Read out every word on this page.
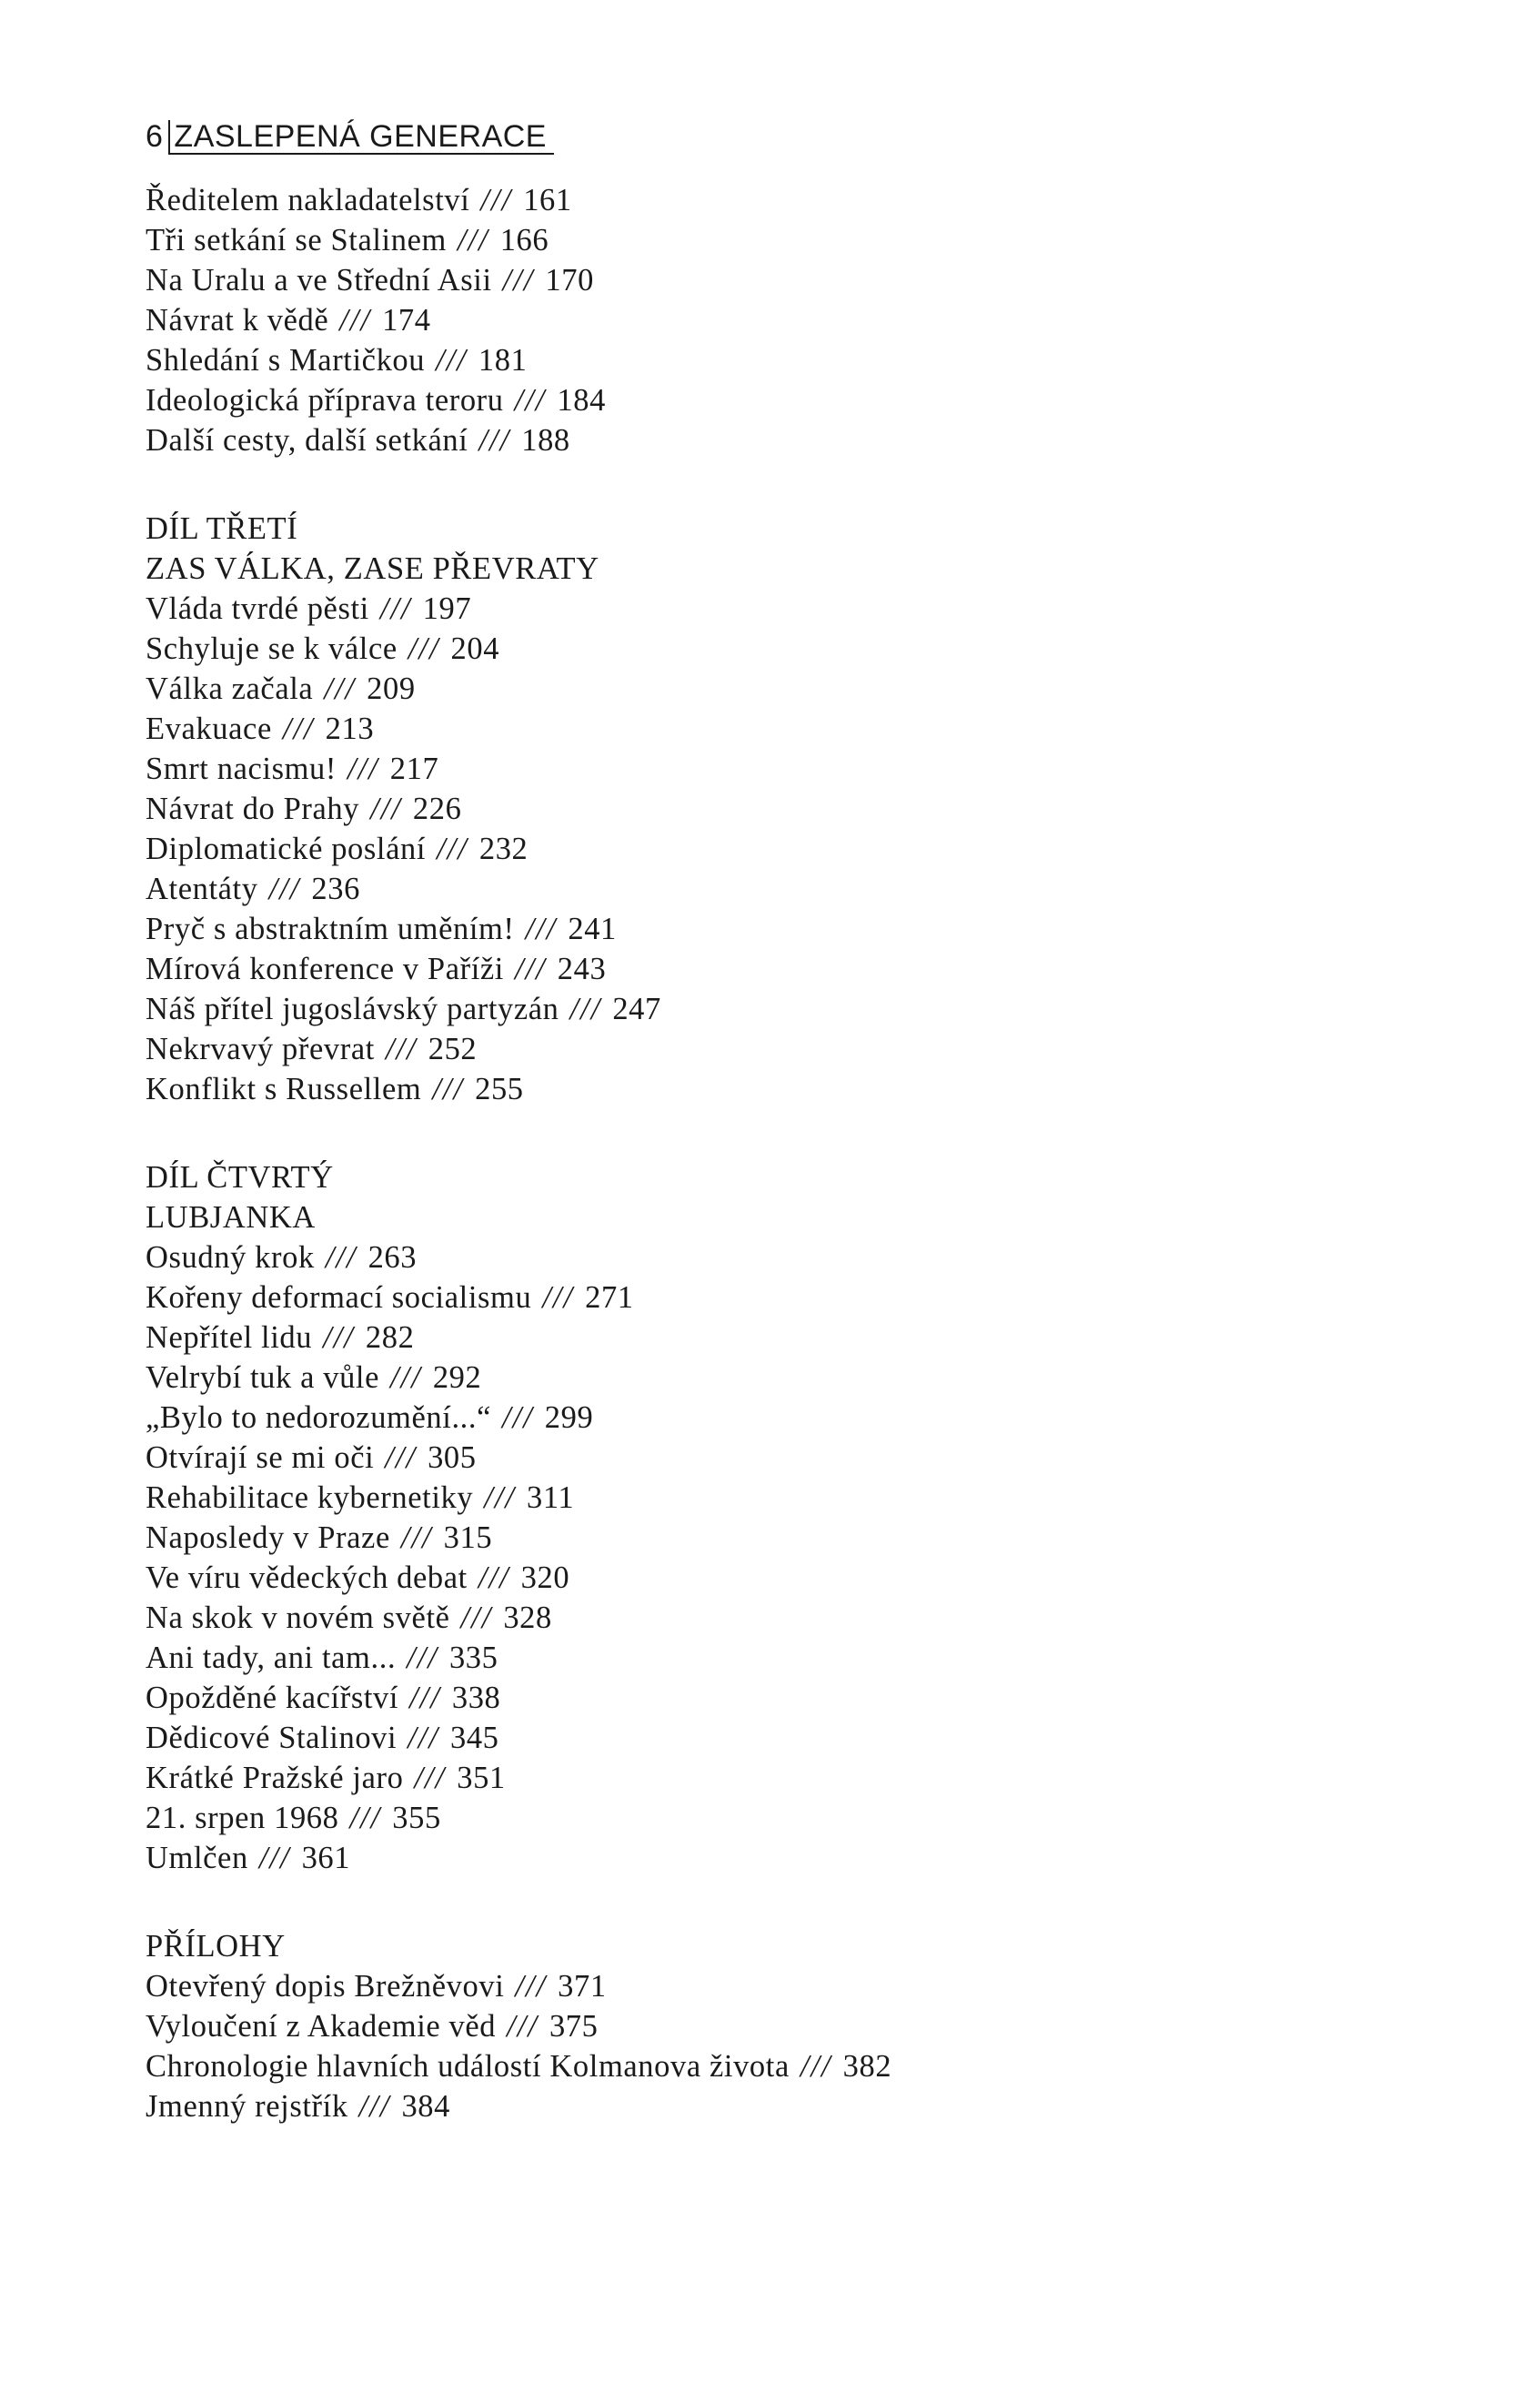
6 ZASLEPENÁ GENERACE
Ředitelem nakladatelství /// 161
Tři setkání se Stalinem /// 166
Na Uralu a ve Střední Asii /// 170
Návrat k vědě /// 174
Shledání s Martičkou /// 181
Ideologická příprava teroru /// 184
Další cesty, další setkání /// 188
DÍL TŘETÍ
ZAS VÁLKA, ZASE PŘEVRATY
Vláda tvrdé pěsti /// 197
Schyluje se k válce /// 204
Válka začala /// 209
Evakuace /// 213
Smrt nacismu! /// 217
Návrat do Prahy /// 226
Diplomatické poslání /// 232
Atentáty /// 236
Pryč s abstraktním uměním! /// 241
Mírová konference v Paříži /// 243
Náš přítel jugoslávský partyzán /// 247
Nekrvavý převrat /// 252
Konflikt s Russellem /// 255
DÍL ČTVRTÝ
LUBJANKA
Osudný krok /// 263
Kořeny deformací socialismu /// 271
Nepřítel lidu /// 282
Velrybí tuk a vůle /// 292
„Bylo to nedorozumění...“ /// 299
Otvírají se mi oči /// 305
Rehabilitace kybernetiky /// 311
Naposledy v Praze /// 315
Ve víru vědeckých debat /// 320
Na skok v novém světě /// 328
Ani tady, ani tam... /// 335
Opožděné kacířství /// 338
Dědicové Stalinovi /// 345
Krátké Pražské jaro /// 351
21. srpen 1968 /// 355
Umlčen /// 361
PŘÍLOHY
Otevřený dopis Brežněvovi /// 371
Vyloučení z Akademie věd /// 375
Chronologie hlavních událostí Kolmanova života /// 382
Jmenný rejstřík /// 384
